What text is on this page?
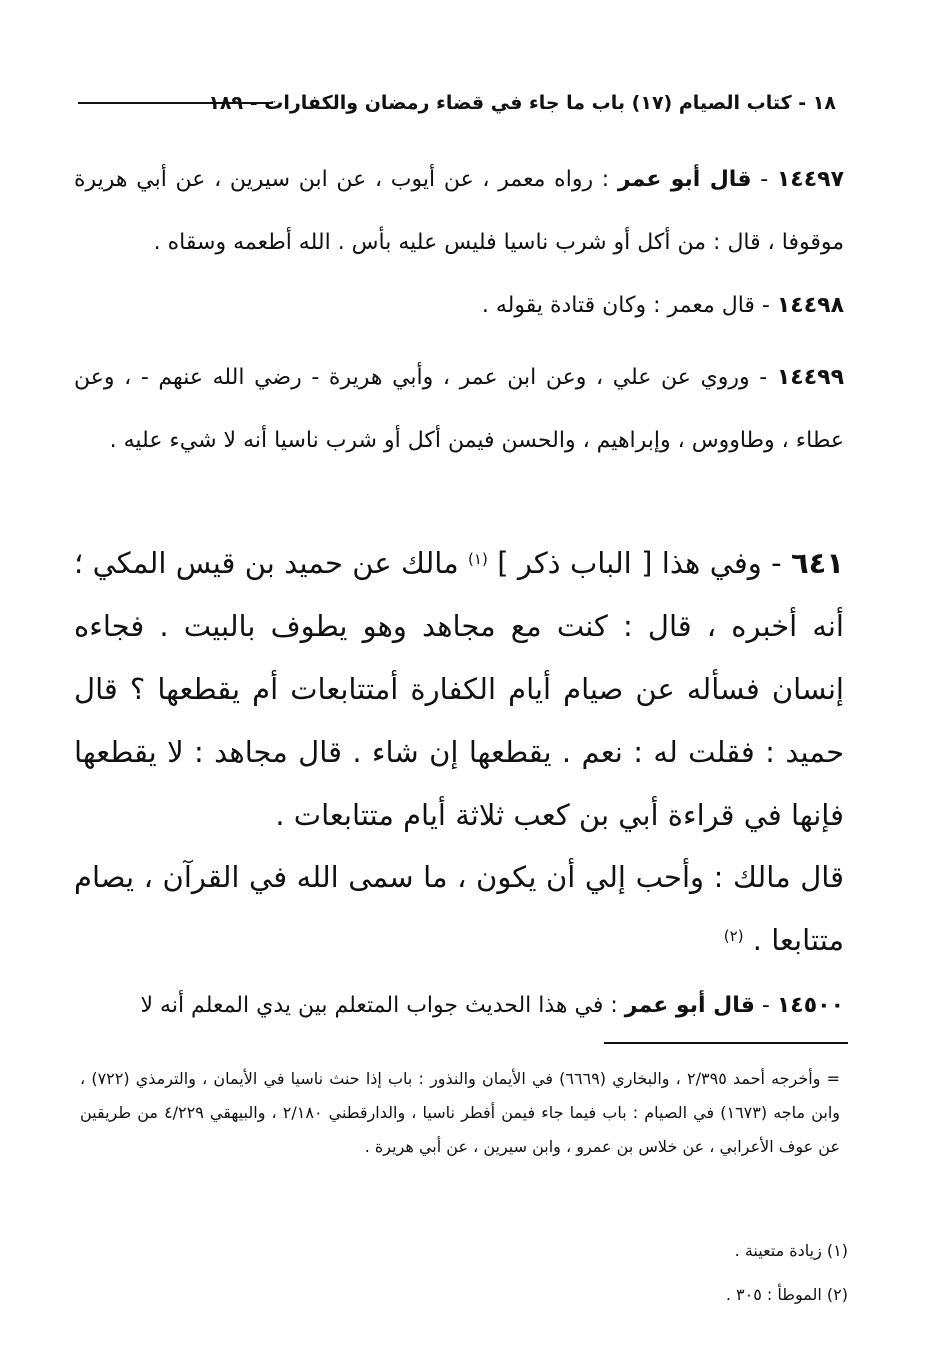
١٨ - كتاب الصيام (١٧) باب ما جاء في قضاء رمضان والكفارات - ١٨٩
١٤٤٩٧ - قال أبو عمر : رواه معمر ، عن أيوب ، عن ابن سيرين ، عن أبي هريرة موقوفا ، قال : من أكل أو شرب ناسيا فليس عليه بأس . الله أطعمه وسقاه .
١٤٤٩٨ - قال معمر : وكان قتادة يقوله .
١٤٤٩٩ - وروي عن علي ، وعن ابن عمر ، وأبي هريرة - رضي الله عنهم - ، وعن عطاء ، وطاووس ، وإبراهيم ، والحسن فيمن أكل أو شرب ناسيا أنه لا شيء عليه .
٦٤١ - وفي هذا [ الباب ذكر ] $^{(١)}$ مالك عن حميد بن قيس المكي ؛ أنه أخبره ، قال : كنت مع مجاهد وهو يطوف بالبيت . فجاءه إنسان فسأله عن صيام أيام الكفارة أمتتابعات أم يقطعها ؟ قال حميد : فقلت له : نعم . يقطعها إن شاء . قال مجاهد : لا يقطعها فإنها في قراءة أبي بن كعب ثلاثة أيام متتابعات .
قال مالك : وأحب إلي أن يكون ، ما سمى الله في القرآن ، يصام متتابعا . $^{(٢)}$
١٤٥٠٠ - قال أبو عمر : في هذا الحديث جواب المتعلم بين يدي المعلم أنه لا
= وأخرجه أحمد ٢/٣٩٥ ، والبخاري (٦٦٦٩) في الأيمان والنذور : باب إذا حنث ناسيا في الأيمان ، والترمذي (٧٢٢) ، وابن ماجه (١٦٧٣) في الصيام : باب فيما جاء فيمن أفطر ناسيا ، والدارقطني ٢/١٨٠ ، والبيهقي ٤/٢٢٩ من طريقين عن عوف الأعرابي ، عن خلاس بن عمرو ، وابن سيرين ، عن أبي هريرة .
(١) زيادة متعينة .
(٢) الموطأ : ٣٠٥ .
